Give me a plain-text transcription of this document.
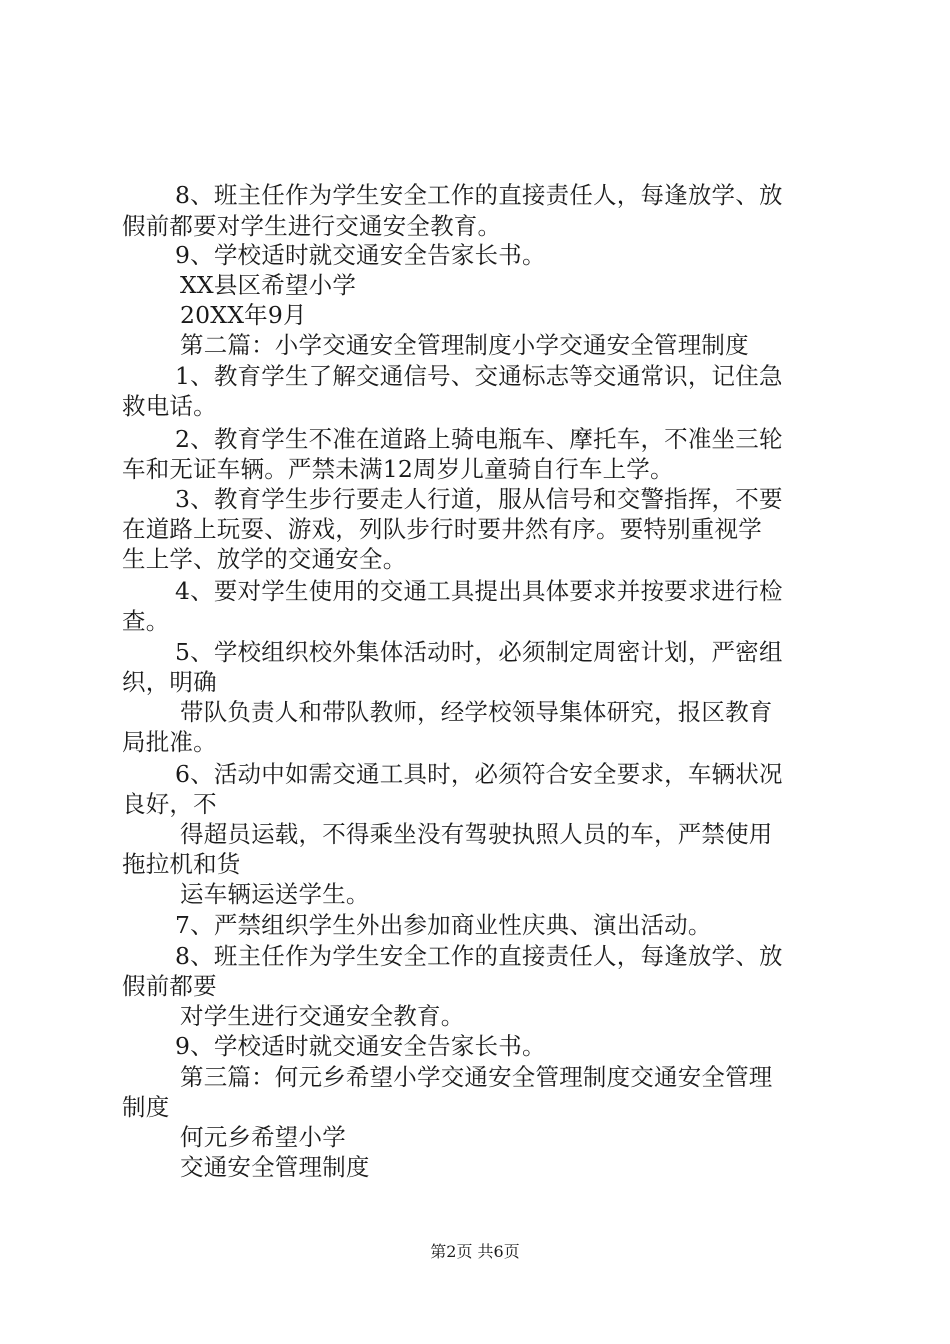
8、班主任作为学生安全工作的直接责任人，每逢放学、放
假前都要对学生进行交通安全教育。
9、学校适时就交通安全告家长书。
XX县区希望小学
20XX年9月
第二篇：小学交通安全管理制度小学交通安全管理制度
1、教育学生了解交通信号、交通标志等交通常识，记住急
救电话。
2、教育学生不准在道路上骑电瓶车、摩托车，不准坐三轮
车和无证车辆。严禁未满12周岁儿童骑自行车上学。
3、教育学生步行要走人行道，服从信号和交警指挥，不要
在道路上玩耍、游戏，列队步行时要井然有序。要特别重视学
生上学、放学的交通安全。
4、要对学生使用的交通工具提出具体要求并按要求进行检
查。
5、学校组织校外集体活动时，必须制定周密计划，严密组
织，明确
带队负责人和带队教师，经学校领导集体研究，报区教育
局批准。
6、活动中如需交通工具时，必须符合安全要求，车辆状况
良好，不
得超员运载，不得乘坐没有驾驶执照人员的车，严禁使用
拖拉机和货
运车辆运送学生。
7、严禁组织学生外出参加商业性庆典、演出活动。
8、班主任作为学生安全工作的直接责任人，每逢放学、放
假前都要
对学生进行交通安全教育。
9、学校适时就交通安全告家长书。
第三篇：何元乡希望小学交通安全管理制度交通安全管理
制度
何元乡希望小学
交通安全管理制度
第2页 共6页
